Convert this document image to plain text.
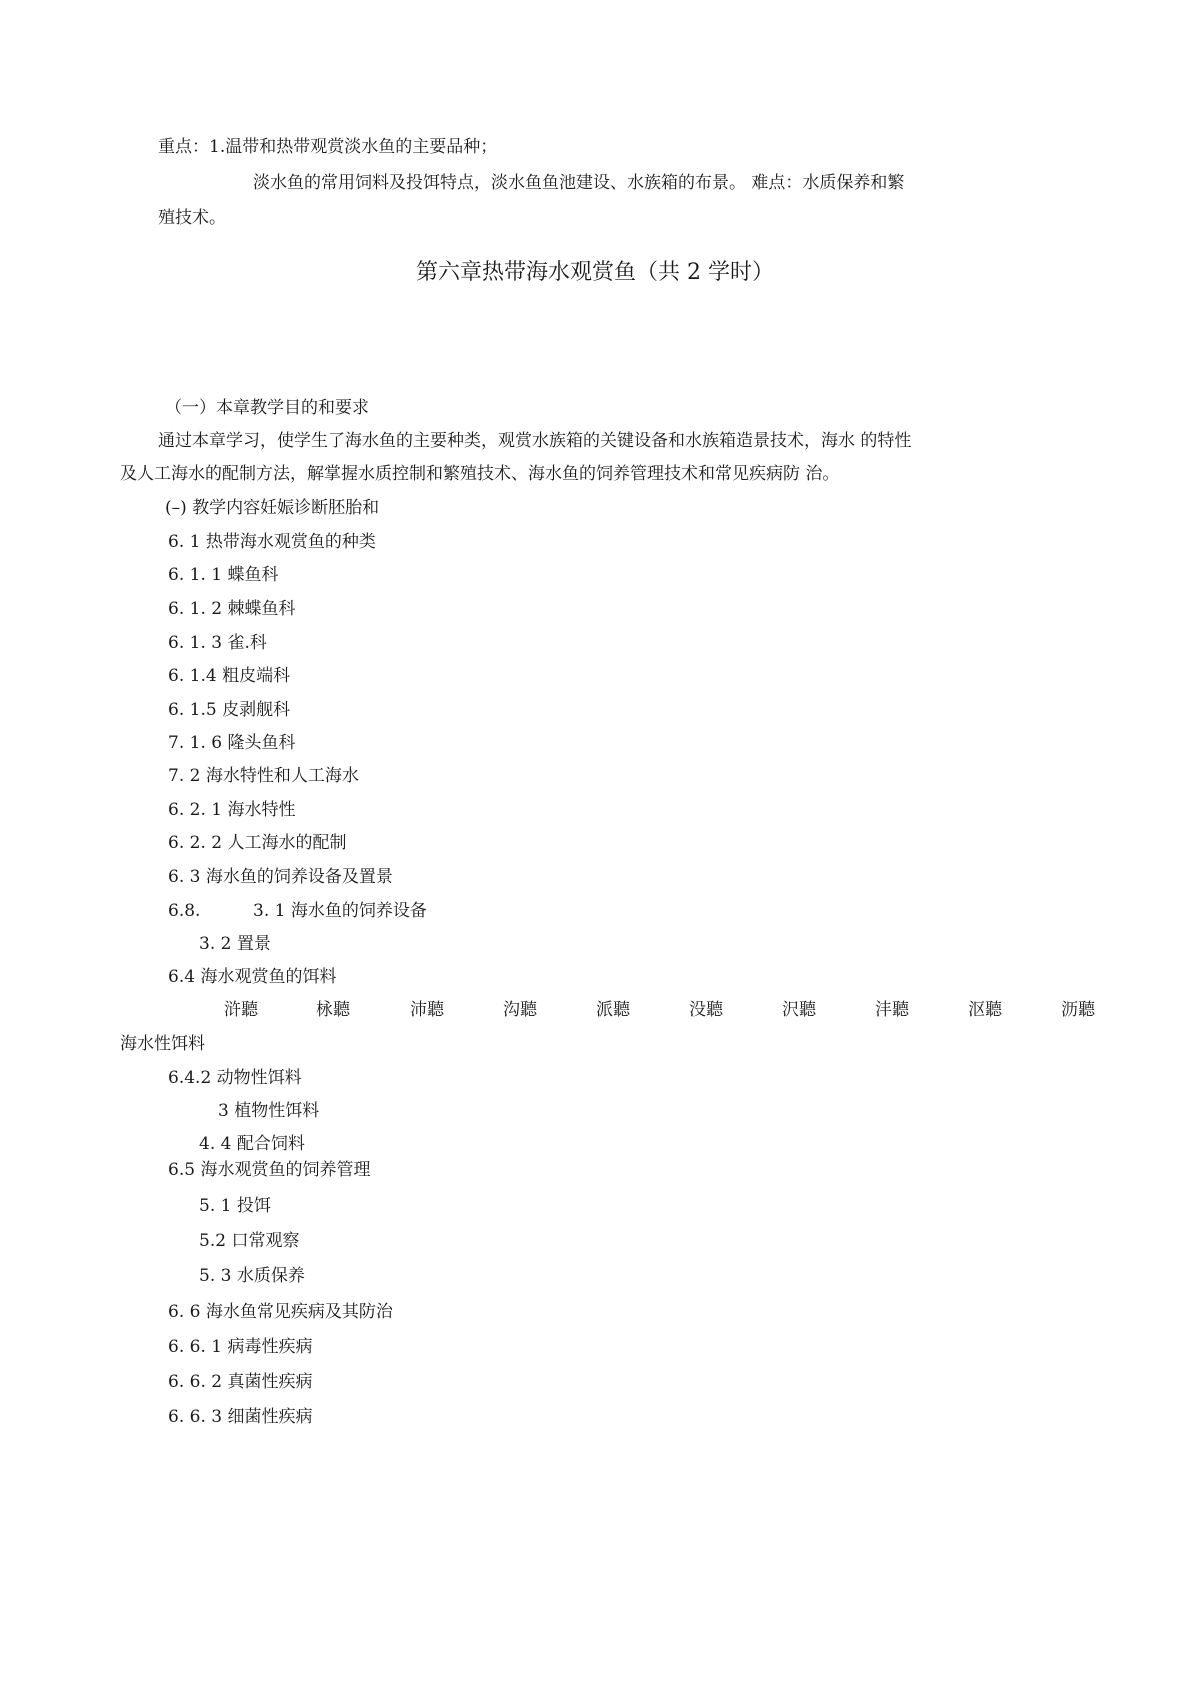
重点：1.温带和热带观赏淡水鱼的主要品种；
淡水鱼的常用饲料及投饵特点，淡水鱼鱼池建设、水族箱的布景。 难点：水质保养和繁
殖技术。
第六章热带海水观赏鱼（共 2 学时）
（一）本章教学目的和要求
通过本章学习，使学生了海水鱼的主要种类，观赏水族箱的关键设备和水族箱造景技术，海水 的特性
及人工海水的配制方法，解掌握水质控制和繁殖技术、海水鱼的饲养管理技术和常见疾病防 治。
(–) 教学内容妊娠诊断胚胎和
6. 1 热带海水观赏鱼的种类
6. 1. 1 蝶鱼科
6. 1. 2 棘蝶鱼科
6. 1. 3 雀.科
6. 1.4 粗皮端科
6. 1.5 皮剥舰科
7. 1. 6 隆头鱼科
7. 2 海水特性和人工海水
6. 2. 1 海水特性
6. 2. 2 人工海水的配制
6. 3 海水鱼的饲养设备及置景
6.8.	3. 1 海水鱼的饲养设备
3. 2 置景
6.4 海水观赏鱼的饵料
浒聽	栐聽	沛聽	沟聽	派聽	没聽	沢聽	沣聽	沤聽	沥聽
海水性饵料
6.4.2 动物性饵料
3 植物性饵料
4. 4 配合饲料
6.5 海水观赏鱼的饲养管理
5. 1 投饵
5.2 口常观察
5. 3 水质保养
6. 6 海水鱼常见疾病及其防治
6. 6. 1 病毒性疾病
6. 6. 2 真菌性疾病
6. 6. 3 细菌性疾病
